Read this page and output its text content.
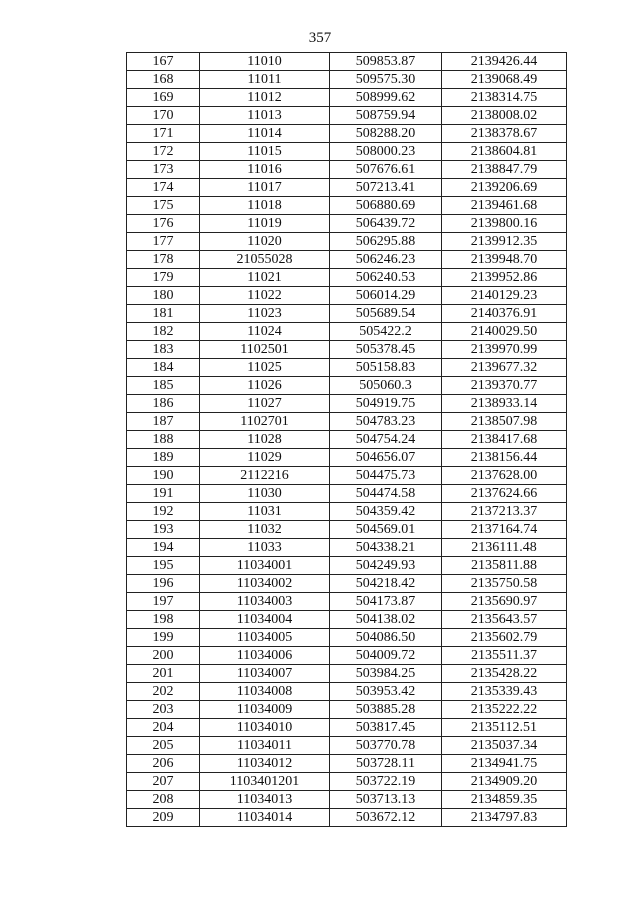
357
167	11010	509853.87	2139426.44
168	11011	509575.30	2139068.49
169	11012	508999.62	2138314.75
170	11013	508759.94	2138008.02
171	11014	508288.20	2138378.67
172	11015	508000.23	2138604.81
173	11016	507676.61	2138847.79
174	11017	507213.41	2139206.69
175	11018	506880.69	2139461.68
176	11019	506439.72	2139800.16
177	11020	506295.88	2139912.35
178	21055028	506246.23	2139948.70
179	11021	506240.53	2139952.86
180	11022	506014.29	2140129.23
181	11023	505689.54	2140376.91
182	11024	505422.2	2140029.50
183	1102501	505378.45	2139970.99
184	11025	505158.83	2139677.32
185	11026	505060.3	2139370.77
186	11027	504919.75	2138933.14
187	1102701	504783.23	2138507.98
188	11028	504754.24	2138417.68
189	11029	504656.07	2138156.44
190	2112216	504475.73	2137628.00
191	11030	504474.58	2137624.66
192	11031	504359.42	2137213.37
193	11032	504569.01	2137164.74
194	11033	504338.21	2136111.48
195	11034001	504249.93	2135811.88
196	11034002	504218.42	2135750.58
197	11034003	504173.87	2135690.97
198	11034004	504138.02	2135643.57
199	11034005	504086.50	2135602.79
200	11034006	504009.72	2135511.37
201	11034007	503984.25	2135428.22
202	11034008	503953.42	2135339.43
203	11034009	503885.28	2135222.22
204	11034010	503817.45	2135112.51
205	11034011	503770.78	2135037.34
206	11034012	503728.11	2134941.75
207	1103401201	503722.19	2134909.20
208	11034013	503713.13	2134859.35
209	11034014	503672.12	2134797.83
